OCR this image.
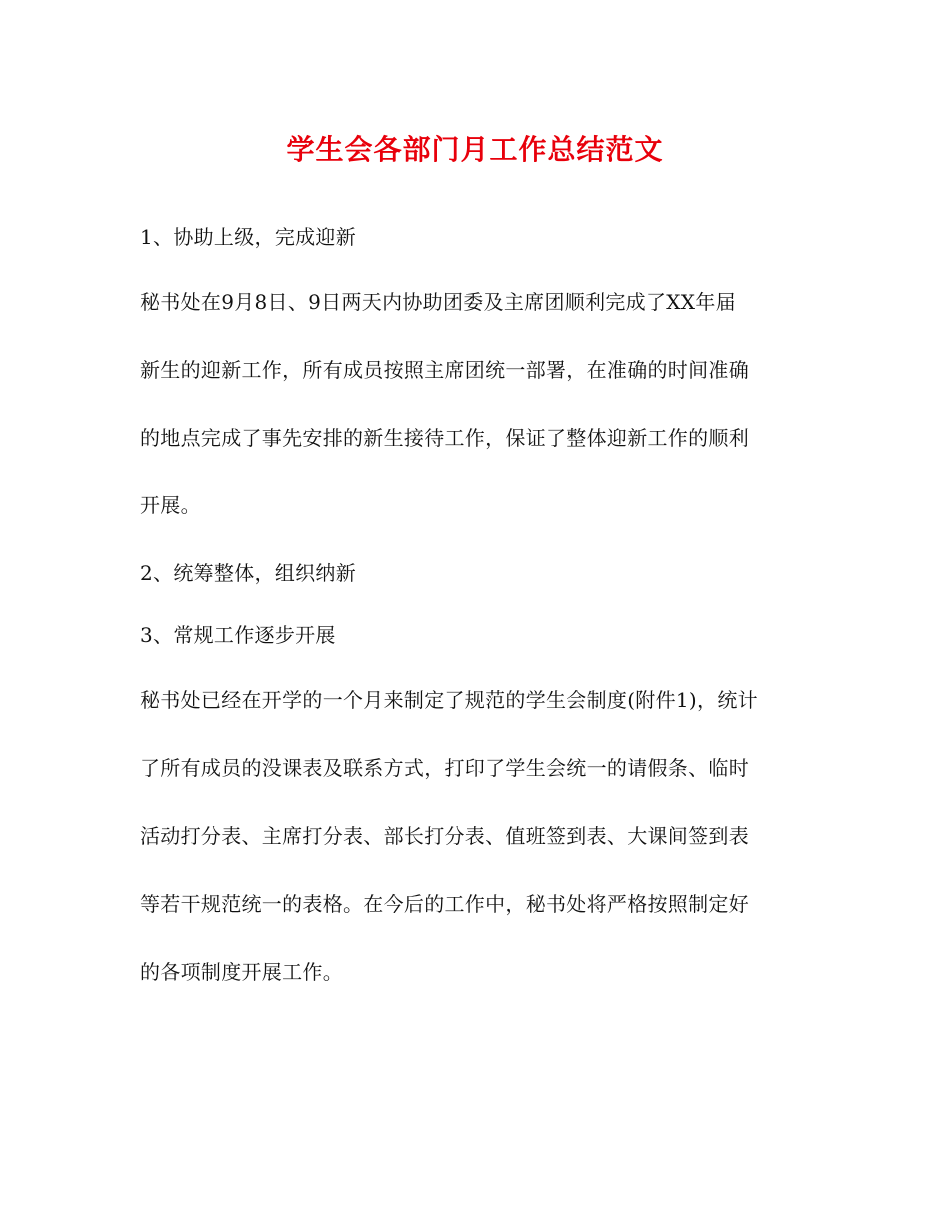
学生会各部门月工作总结范文
1、协助上级，完成迎新
秘书处在9月8日、9日两天内协助团委及主席团顺利完成了XX年届
新生的迎新工作，所有成员按照主席团统一部署，在准确的时间准确
的地点完成了事先安排的新生接待工作，保证了整体迎新工作的顺利
开展。
2、统筹整体，组织纳新
3、常规工作逐步开展
秘书处已经在开学的一个月来制定了规范的学生会制度(附件1)，统计
了所有成员的没课表及联系方式，打印了学生会统一的请假条、临时
活动打分表、主席打分表、部长打分表、值班签到表、大课间签到表
等若干规范统一的表格。在今后的工作中，秘书处将严格按照制定好
的各项制度开展工作。
